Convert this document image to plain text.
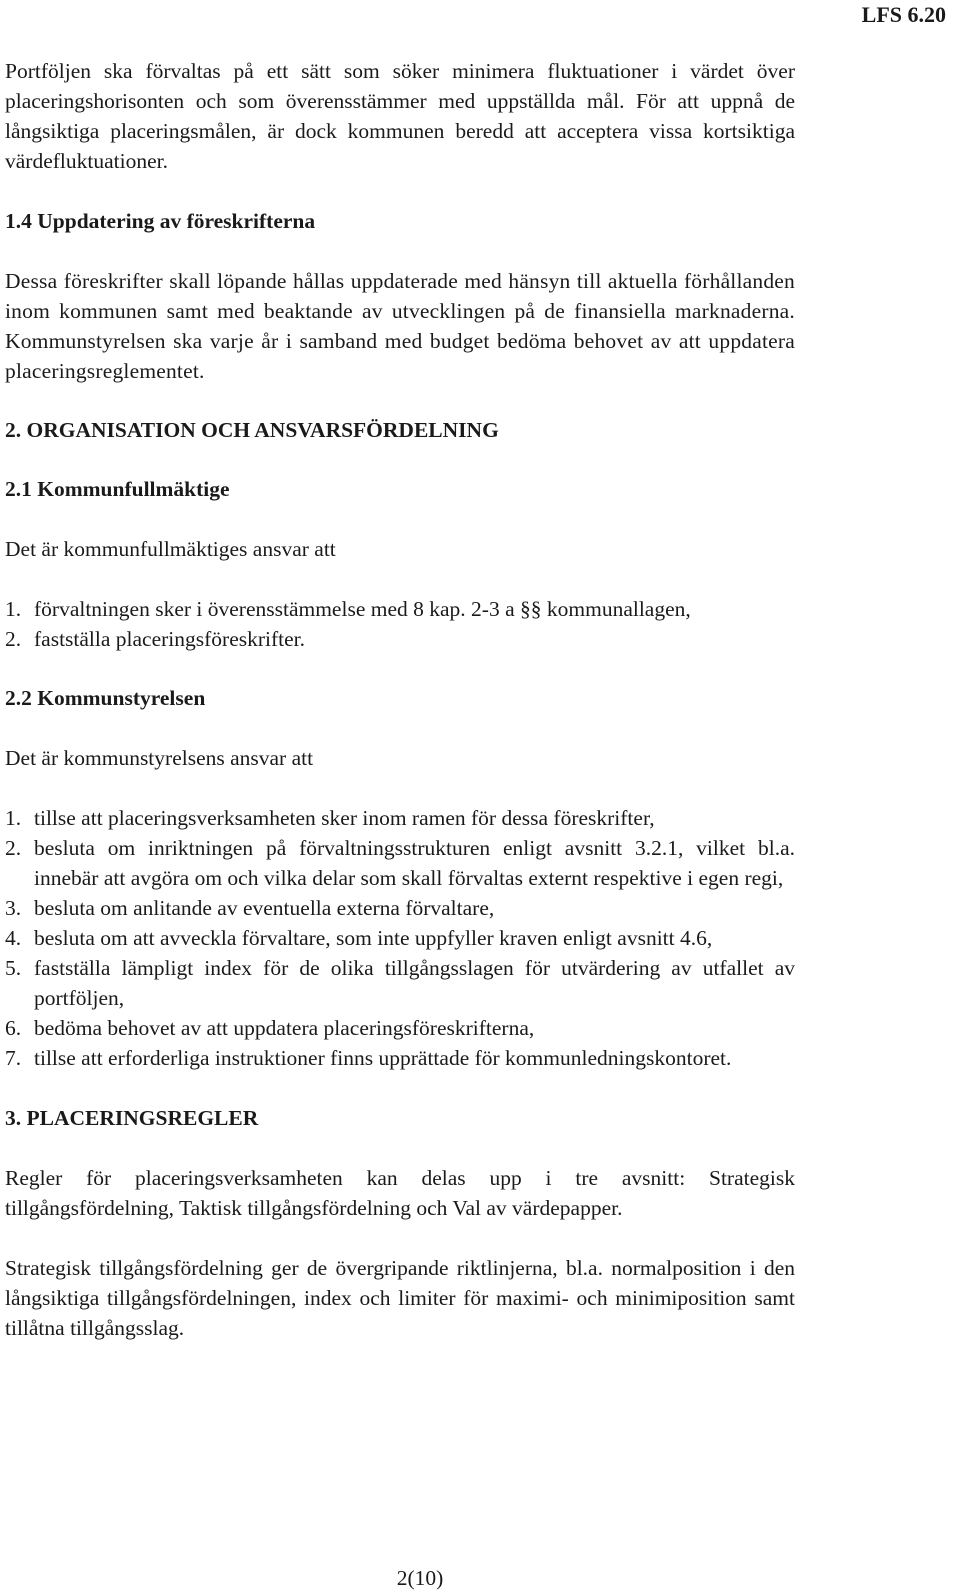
LFS 6.20

Portföljen ska förvaltas på ett sätt som söker minimera fluktuationer i värdet över placeringshorisonten och som överensstämmer med uppställda mål. För att uppnå de långsiktiga placeringsmålen, är dock kommunen beredd att acceptera vissa kortsiktiga värdefluktuationer.

1.4 Uppdatering av föreskrifterna

Dessa föreskrifter skall löpande hållas uppdaterade med hänsyn till aktuella förhållanden inom kommunen samt med beaktande av utvecklingen på de finansiella marknaderna. Kommunstyrelsen ska varje år i samband med budget bedöma behovet av att uppdatera placeringsreglementet.

2. ORGANISATION OCH ANSVARSFÖRDELNING
2.1 Kommunfullmäktige

Det är kommunfullmäktiges ansvar att

1. förvaltningen sker i överensstämmelse med 8 kap. 2-3 a §§ kommunallagen,
2. fastställa placeringsföreskrifter.
2.2 Kommunstyrelsen

Det är kommunstyrelsens ansvar att

1. tillse att placeringsverksamheten sker inom ramen för dessa föreskrifter,
2. besluta om inriktningen på förvaltningsstrukturen enligt avsnitt 3.2.1, vilket bl.a. innebär att avgöra om och vilka delar som skall förvaltas externt respektive i egen regi,
3. besluta om anlitande av eventuella externa förvaltare,
4. besluta om att avveckla förvaltare, som inte uppfyller kraven enligt avsnitt 4.6,
5. fastställa lämpligt index för de olika tillgångsslagen för utvärdering av utfallet av portföljen,
6. bedöma behovet av att uppdatera placeringsföreskrifterna,
7. tillse att erforderliga instruktioner finns upprättade för kommunledningskontoret.
3. PLACERINGSREGLER

Regler för placeringsverksamheten kan delas upp i tre avsnitt: Strategisk tillgångsfördelning, Taktisk tillgångsfördelning och Val av värdepapper.

Strategisk tillgångsfördelning ger de övergripande riktlinjerna, bl.a. normalposition i den långsiktiga tillgångsfördelningen, index och limiter för maximi- och minimiposition samt tillåtna tillgångsslag.

2(10)
